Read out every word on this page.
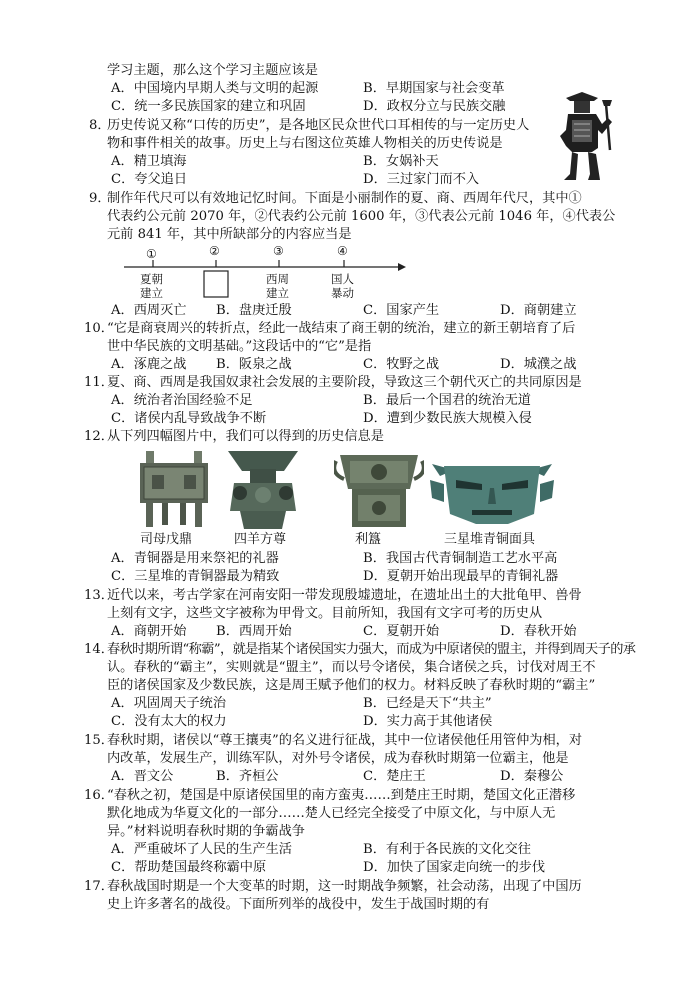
学习主题，那么这个学习主题应该是
A．中国境内早期人类与文明的起源	B．早期国家与社会变革
C．统一多民族国家的建立和巩固	D．政权分立与民族交融
8．
历史传说又称“口传的历史”，是各地区民众世代口耳相传的与一定历史人
物和事件相关的故事。历史上与右图这位英雄人物相关的历史传说是
A．精卫填海	B．女娲补天
C．夸父追日	D．三过家门而不入
9．
制作年代尺可以有效地记忆时间。下面是小丽制作的夏、商、西周年代尺，其中①
代表约公元前 2070 年，②代表约公元前 1600 年，③代表公元前 1046 年，④代表公
元前 841 年，其中所缺部分的内容应当是
①	②	③	④
夏朝
建立
西周
建立
国人
暴动
A．西周灭亡 B．盘庚迁殷	C．国家产生	D．商朝建立
10．
“它是商衰周兴的转折点，经此一战结束了商王朝的统治，建立的新王朝培育了后
世中华民族的文明基础。”这段话中的“它”是指
A．涿鹿之战 B．阪泉之战	C．牧野之战	D．城濮之战
11．
夏、商、西周是我国奴隶社会发展的主要阶段，导致这三个朝代灭亡的共同原因是
A．统治者治国经验不足	B．最后一个国君的统治无道
C．诸侯内乱导致战争不断	D．遭到少数民族大规模入侵
12．
从下列四幅图片中，我们可以得到的历史信息是
司母戊鼎	四羊方尊	利簋	三星堆青铜面具
A．青铜器是用来祭祀的礼器	B．我国古代青铜制造工艺水平高
C．三星堆的青铜器最为精致	D．夏朝开始出现最早的青铜礼器
13．
近代以来，考古学家在河南安阳一带发现殷墟遗址，在遗址出土的大批龟甲、兽骨
上刻有文字，这些文字被称为甲骨文。目前所知，我国有文字可考的历史从
A．商朝开始 B．西周开始	C．夏朝开始	D．春秋开始
14．
春秋时期所谓“称霸”，就是指某个诸侯国实力强大，而成为中原诸侯的盟主，并得到周天子的承
认。春秋的“霸主”，实则就是“盟主”，而以号令诸侯，集合诸侯之兵，讨伐对周王不
臣的诸侯国家及少数民族，这是周王赋予他们的权力。材料反映了春秋时期的“霸主”
A．巩固周天子统治	B．已经是天下“共主”
C．没有太大的权力	D．实力高于其他诸侯
15．
春秋时期，诸侯以“尊王攘夷”的名义进行征战，其中一位诸侯他任用管仲为相，对
内改革，发展生产，训练军队，对外号令诸侯，成为春秋时期第一位霸主，他是
A．晋文公	B．齐桓公	C．楚庄王	D．秦穆公
16．
“春秋之初，楚国是中原诸侯国里的南方蛮夷……到楚庄王时期，楚国文化正潜移
默化地成为华夏文化的一部分……楚人已经完全接受了中原文化，与中原人无
异。”材料说明春秋时期的争霸战争
A．严重破坏了人民的生产生活	B．有利于各民族的文化交往
C．帮助楚国最终称霸中原	D．加快了国家走向统一的步伐
17．
春秋战国时期是一个大变革的时期，这一时期战争频繁，社会动荡，出现了中国历
史上许多著名的战役。下面所列举的战役中，发生于战国时期的有
